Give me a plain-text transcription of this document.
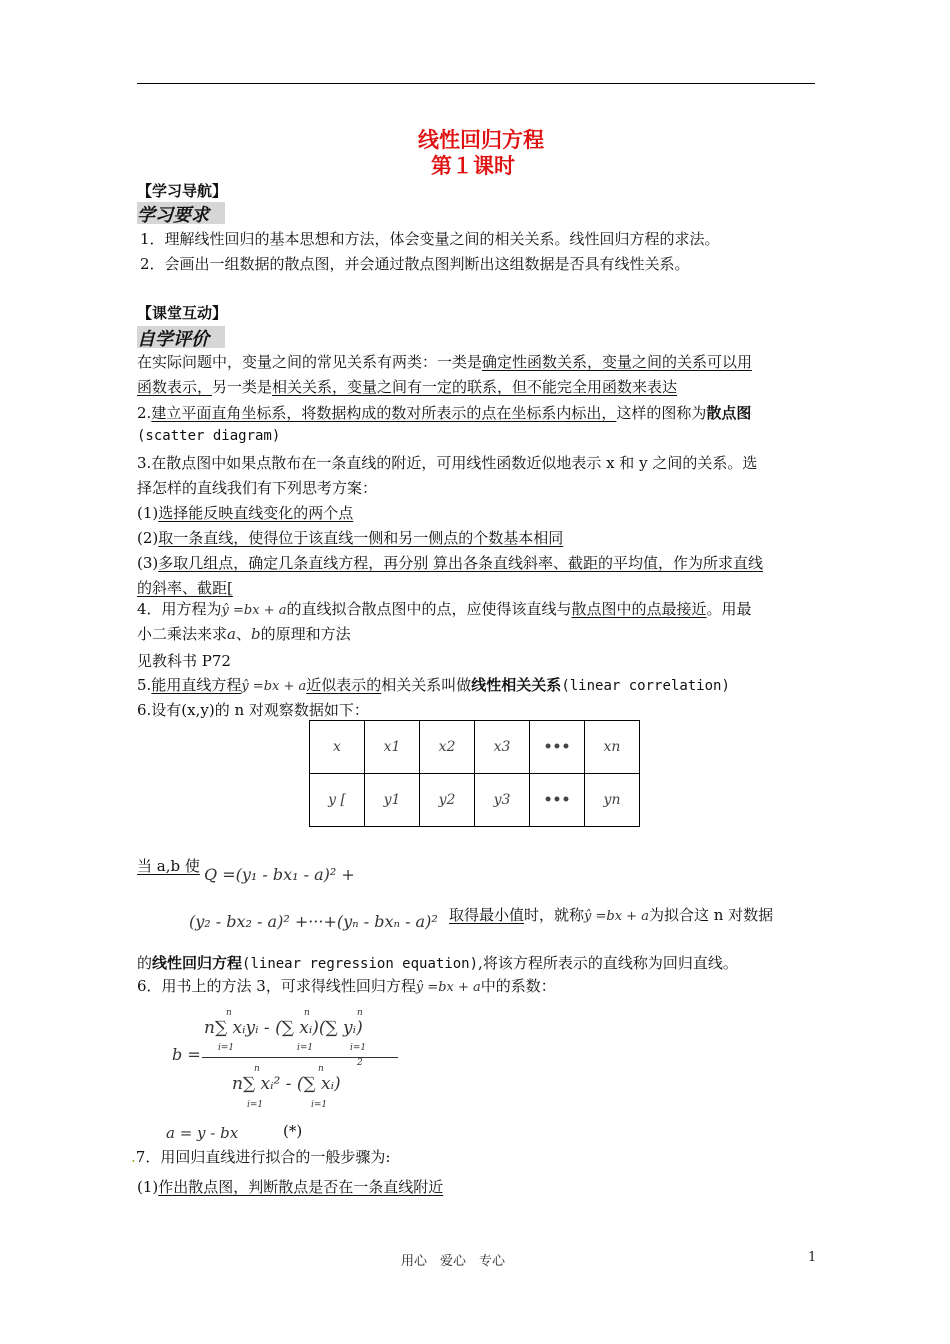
线性回归方程
第１课时
【学习导航】
学习要求
1．理解线性回归的基本思想和方法，体会变量之间的相关关系。线性回归方程的求法。
2．会画出一组数据的散点图，并会通过散点图判断出这组数据是否具有线性关系。
【课堂互动】
自学评价
在实际问题中，变量之间的常见关系有两类：一类是确定性函数关系，变量之间的关系可以用
函数表示，另一类是相关关系，变量之间有一定的联系，但不能完全用函数来表达
2.建立平面直角坐标系，将数据构成的数对所表示的点在坐标系内标出，这样的图称为散点图
(scatter diagram)
3.在散点图中如果点散布在一条直线的附近，可用线性函数近似地表示 x 和 y 之间的关系。选
择怎样的直线我们有下列思考方案：
(1)选择能反映直线变化的两个点
(2)取一条直线，使得位于该直线一侧和另一侧点的个数基本相同
(3)多取几组点，确定几条直线方程，再分别 算出各条直线斜率、截距的平均值，作为所求直线
的斜率、截距[
4．用方程为ŷ =bx + a的直线拟合散点图中的点，应使得该直线与散点图中的点最接近。用最
小二乘法来求a、b的原理和方法
见教科书 P72
5.能用直线方程ŷ =bx + a近似表示的相关关系叫做线性相关关系(linear correlation)
6.设有(x,y)的 n 对观察数据如下：
x	x1	x2	x3	•••	xn
y [	y1	y2	y3	•••	yn
当 a,b 使 Q =(y₁ - bx₁ - a)² +
(y₂ - bx₂ - a)² +···+(yₙ - bxₙ - a)² 取得最小值时，就称ŷ =bx + a为拟合这 n 对数据
的线性回归方程(linear regression equation),将该方程所表示的直线称为回归直线。
6．用书上的方法 3，可求得线性回归方程ŷ =bx + a中的系数：
b =
n∑ xᵢyᵢ - (∑ xᵢ)(∑ yᵢ)
n
i=1
n
i=1
n
i=1
2
n∑ xᵢ² - (∑ xᵢ)
n
i=1
n
i=1
a = y - bx	(*)
.7．用回归直线进行拟合的一般步骤为:
(1)作出散点图，判断散点是否在一条直线附近
用心　爱心　专心	1
